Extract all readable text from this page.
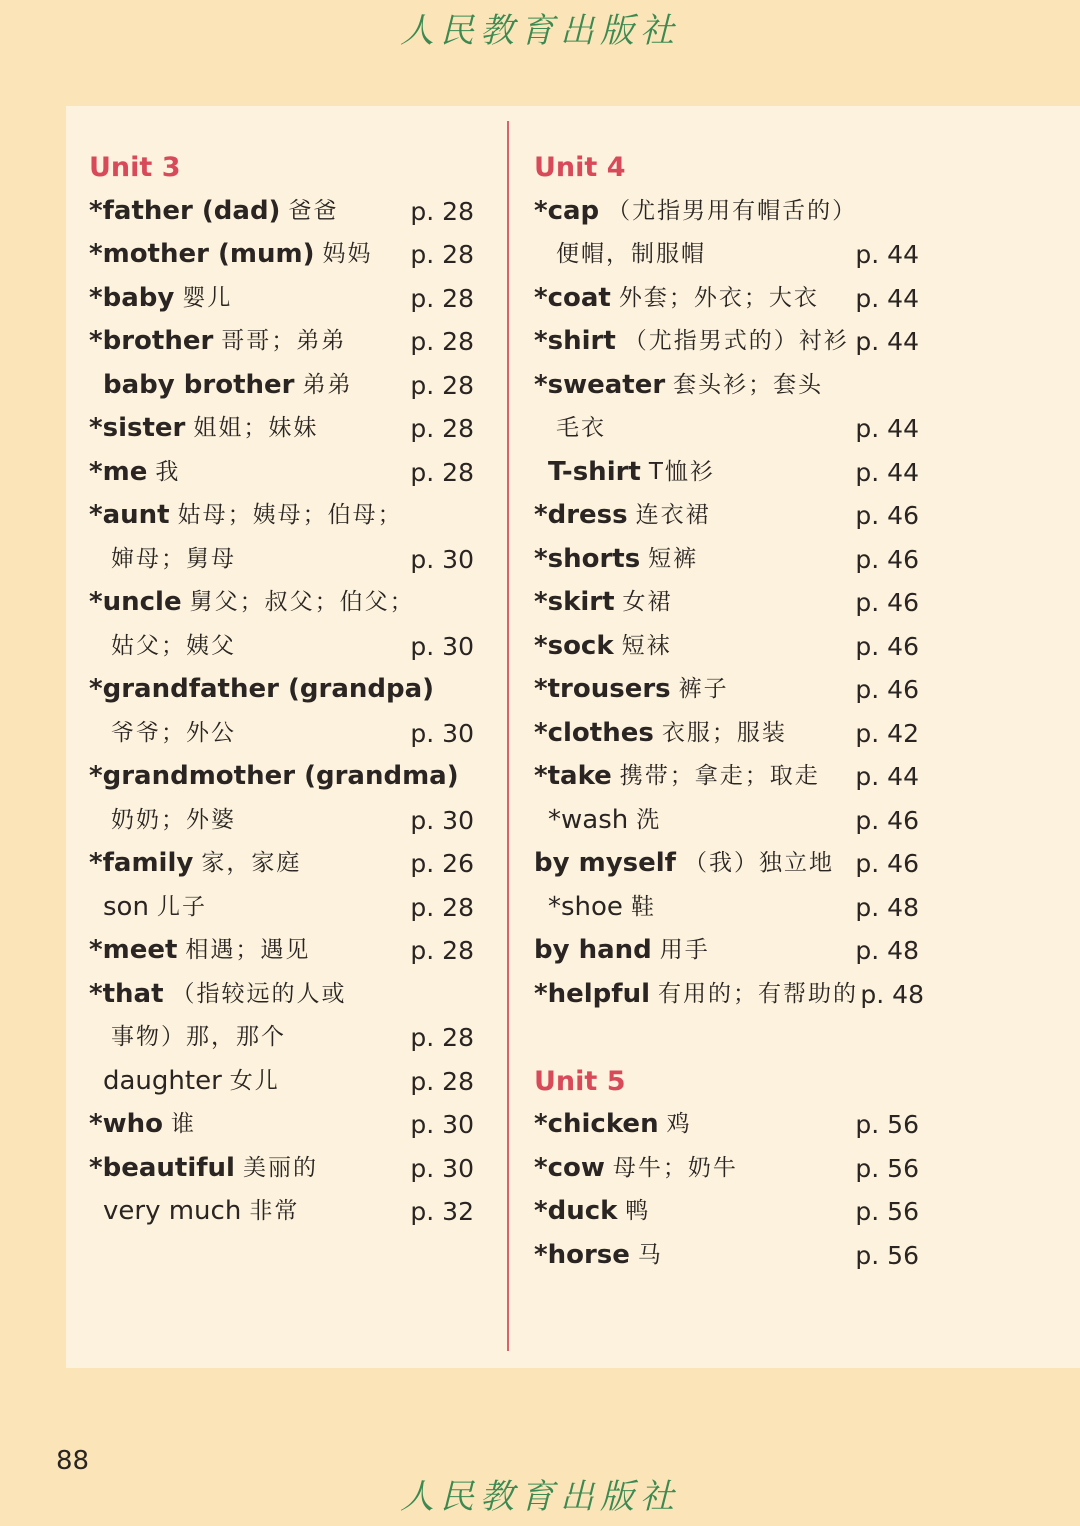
人民教育出版社
Unit 3
*father (dad) 爸爸	p. 28
*mother (mum) 妈妈 p. 28
*baby 婴儿	p. 28
*brother 哥哥；弟弟	p. 28
baby brother 弟弟 p. 28
*sister 姐姐；妹妹	p. 28
*me 我	p. 28
*aunt 姑母；姨母；伯母；
婶母；舅母	p. 30
*uncle 舅父；叔父；伯父；
姑父；姨父	p. 30
*grandfather (grandpa)
爷爷；外公	p. 30
*grandmother (grandma)
奶奶；外婆	p. 30
*family 家，家庭	p. 26
son 儿子	p. 28
*meet 相遇；遇见	p. 28
*that （指较远的人或
事物）那，那个	p. 28
daughter 女儿	p. 28
*who 谁	p. 30
*beautiful 美丽的	p. 30
very much 非常	p. 32
Unit 4
*cap （尤指男用有帽舌的）
便帽，制服帽	p. 44
*coat 外套；外衣；大衣 p. 44
*shirt （尤指男式的）衬衫 p. 44
*sweater 套头衫；套头
毛衣	p. 44
T-shirt T恤衫	p. 44
*dress 连衣裙	p. 46
*shorts 短裤	p. 46
*skirt 女裙	p. 46
*sock 短袜	p. 46
*trousers 裤子	p. 46
*clothes 衣服；服装	p. 42
*take 携带；拿走；取走 p. 44
*wash 洗	p. 46
by myself （我）独立地 p. 46
*shoe 鞋	p. 48
by hand 用手	p. 48
*helpful 有用的；有帮助的 p. 48
Unit 5
*chicken 鸡	p. 56
*cow 母牛；奶牛	p. 56
*duck 鸭	p. 56
*horse 马	p. 56
88
人民教育出版社
